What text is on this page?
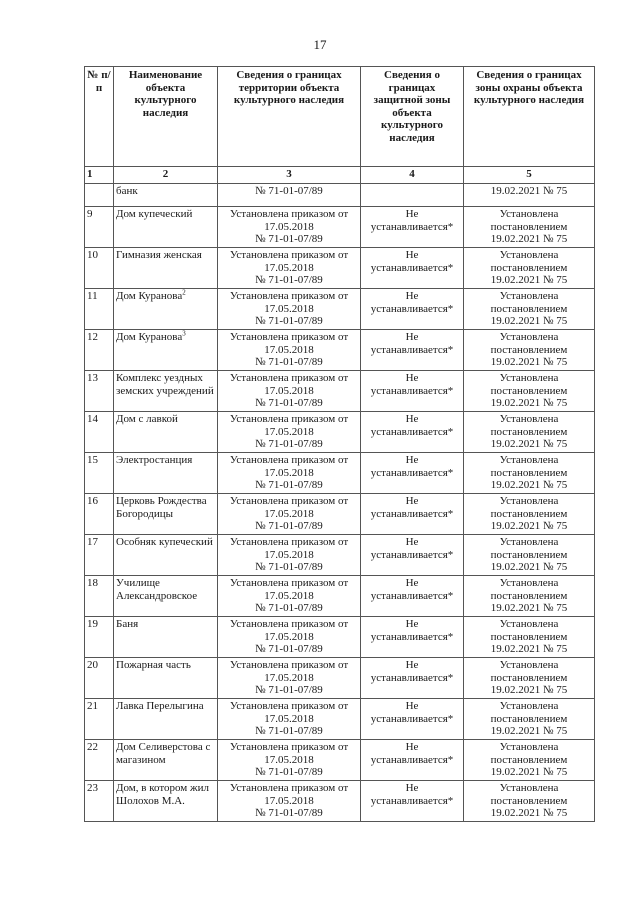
17
№ п/п	Наименование объекта культурного наследия	Сведения о границах территории объекта культурного наследия	Сведения о границах защитной зоны объекта культурного наследия	Сведения о границах зоны охраны объекта культурного наследия
1	2	3	4	5
	банк	№ 71-01-07/89		19.02.2021 № 75
9	Дом купеческий	Установлена приказом от
17.05.2018
№ 71-01-07/89	Не
устанавливается*	Установлена
постановлением
19.02.2021 № 75

10	Гимназия женская	Установлена приказом от
17.05.2018
№ 71-01-07/89	Не
устанавливается*	Установлена
постановлением
19.02.2021 № 75

11	Дом Куранова$^2$	Установлена приказом от
17.05.2018
№ 71-01-07/89	Не
устанавливается*	Установлена
постановлением
19.02.2021 № 75

12	Дом Куранова$^3$	Установлена приказом от
17.05.2018
№ 71-01-07/89	Не
устанавливается*	Установлена
постановлением
19.02.2021 № 75

13	Комплекс уездных земских учреждений	Установлена приказом от
17.05.2018
№ 71-01-07/89	Не
устанавливается*	Установлена
постановлением
19.02.2021 № 75

14	Дом с лавкой	Установлена приказом от
17.05.2018
№ 71-01-07/89	Не
устанавливается*	Установлена
постановлением
19.02.2021 № 75

15	Электростанция	Установлена приказом от
17.05.2018
№ 71-01-07/89	Не
устанавливается*	Установлена
постановлением
19.02.2021 № 75

16	Церковь Рождества Богородицы	Установлена приказом от
17.05.2018
№ 71-01-07/89	Не
устанавливается*	Установлена
постановлением
19.02.2021 № 75

17	Особняк купеческий	Установлена приказом от
17.05.2018
№ 71-01-07/89	Не
устанавливается*	Установлена
постановлением
19.02.2021 № 75

18	Училище Александровское	Установлена приказом от
17.05.2018
№ 71-01-07/89	Не
устанавливается*	Установлена
постановлением
19.02.2021 № 75

19	Баня	Установлена приказом от
17.05.2018
№ 71-01-07/89	Не
устанавливается*	Установлена
постановлением
19.02.2021 № 75

20	Пожарная часть	Установлена приказом от
17.05.2018
№ 71-01-07/89	Не
устанавливается*	Установлена
постановлением
19.02.2021 № 75

21	Лавка Перелыгина	Установлена приказом от
17.05.2018
№ 71-01-07/89	Не
устанавливается*	Установлена
постановлением
19.02.2021 № 75

22	Дом Селиверстова с магазином	Установлена приказом от
17.05.2018
№ 71-01-07/89	Не
устанавливается*	Установлена
постановлением
19.02.2021 № 75

23	Дом, в котором жил Шолохов М.А.	Установлена приказом от
17.05.2018
№ 71-01-07/89	Не
устанавливается*	Установлена
постановлением
19.02.2021 № 75
